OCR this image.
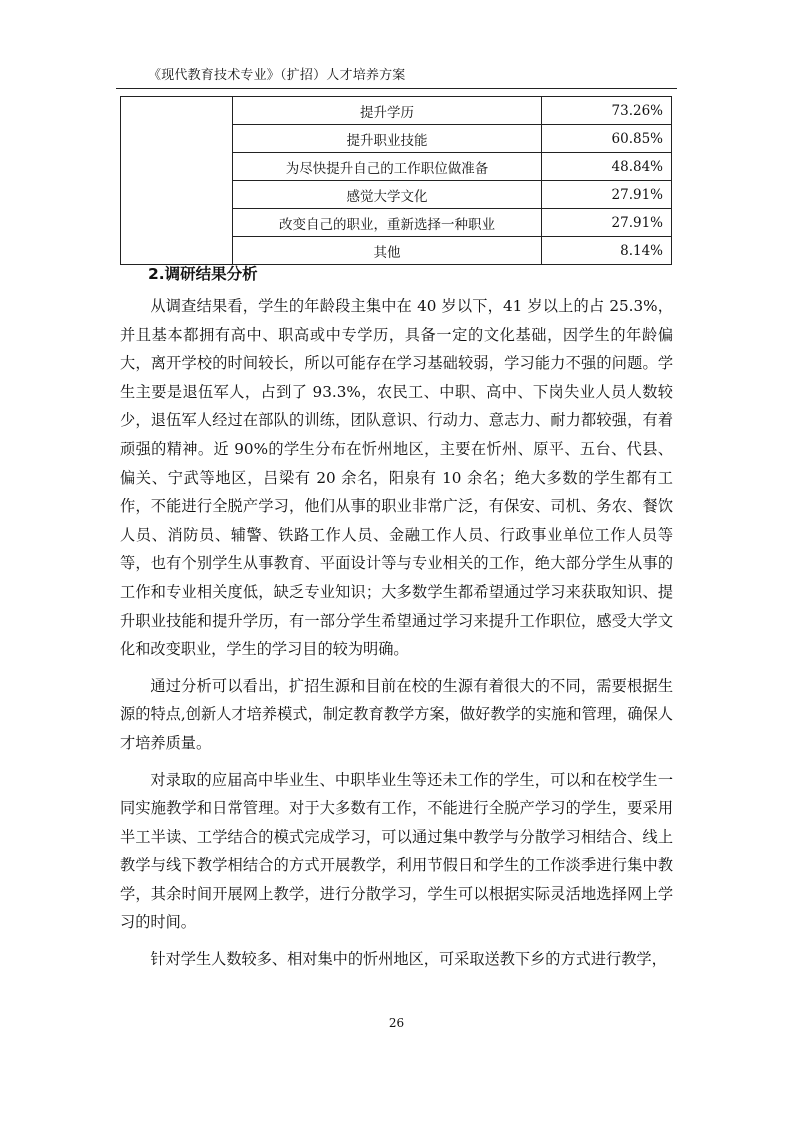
《现代教育技术专业》（扩招）人才培养方案
	提升学历	73.26%
	提升职业技能	60.85%
	为尽快提升自己的工作职位做准备	48.84%
	感觉大学文化	27.91%
	改变自己的职业，重新选择一种职业	27.91%
	其他	8.14%
2.调研结果分析

从调查结果看，学生的年龄段主集中在 40 岁以下，41 岁以上的占 25.3%，并且基本都拥有高中、职高或中专学历，具备一定的文化基础，因学生的年龄偏大，离开学校的时间较长，所以可能存在学习基础较弱，学习能力不强的问题。学生主要是退伍军人，占到了 93.3%，农民工、中职、高中、下岗失业人员人数较少，退伍军人经过在部队的训练，团队意识、行动力、意志力、耐力都较强，有着顽强的精神。近 90%的学生分布在忻州地区，主要在忻州、原平、五台、代县、偏关、宁武等地区，吕梁有 20 余名，阳泉有 10 余名；绝大多数的学生都有工作，不能进行全脱产学习，他们从事的职业非常广泛，有保安、司机、务农、餐饮人员、消防员、辅警、铁路工作人员、金融工作人员、行政事业单位工作人员等等，也有个别学生从事教育、平面设计等与专业相关的工作，绝大部分学生从事的工作和专业相关度低，缺乏专业知识；大多数学生都希望通过学习来获取知识、提升职业技能和提升学历，有一部分学生希望通过学习来提升工作职位，感受大学文化和改变职业，学生的学习目的较为明确。

通过分析可以看出，扩招生源和目前在校的生源有着很大的不同，需要根据生源的特点,创新人才培养模式，制定教育教学方案，做好教学的实施和管理，确保人才培养质量。

对录取的应届高中毕业生、中职毕业生等还未工作的学生，可以和在校学生一同实施教学和日常管理。对于大多数有工作，不能进行全脱产学习的学生，要采用半工半读、工学结合的模式完成学习，可以通过集中教学与分散学习相结合、线上教学与线下教学相结合的方式开展教学，利用节假日和学生的工作淡季进行集中教学，其余时间开展网上教学，进行分散学习，学生可以根据实际灵活地选择网上学习的时间。

针对学生人数较多、相对集中的忻州地区，可采取送教下乡的方式进行教学，

26
